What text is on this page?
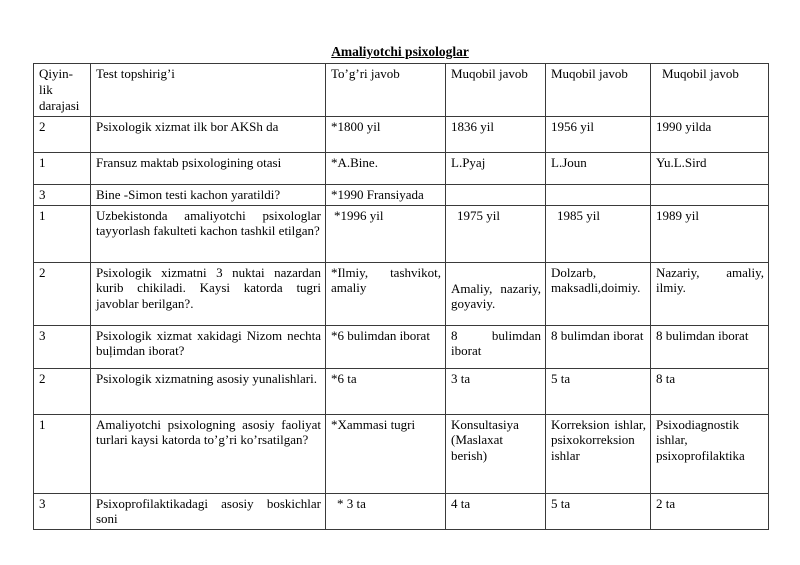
Amaliyotchi psixologlar
Qiyin-lik darajasi	Test topshirig’i	To’g’ri javob	Muqobil javob	Muqobil javob	Muqobil javob
2	Psixologik xizmat ilk bor AKSh da	*1800 yil	1836 yil	1956 yil	1990 yilda
1	Fransuz maktab psixologining otasi	*A.Bine.	L.Pyaj	L.Joun	Yu.L.Sird
3	Bine -Simon testi kachon yaratildi?	*1990 Fransiyada			
1	Uzbekistonda amaliyotchi psixologlar tayyorlash fakulteti kachon tashkil etilgan?	*1996 yil	1975 yil	1985 yil	1989 yil
2	Psixologik xizmatni 3 nuktai nazardan kurib chikiladi. Kaysi katorda tugri javoblar berilgan?.	*Ilmiy, tashvikot, amaliy	Amaliy, nazariy, goyaviy.	Dolzarb, maksadli,doimiy.	Nazariy, amaliy, ilmiy.
3	Psixologik xizmat xakidagi Nizom nechta buļimdan iborat?	*6 bulimdan iborat	8 bulimdan iborat	8 bulimdan iborat	8 bulimdan iborat
2	Psixologik xizmatning asosiy yunalishlari.	*6 ta	3 ta	5 ta	8 ta
1	Amaliyotchi psixologning asosiy faoliyat turlari kaysi katorda to’g’ri ko’rsatilgan?	*Xammasi tugri	Konsultasiya (Maslaxat berish)	Korreksion ishlar, psixokorreksion ishlar	Psixodiagnostik ishlar, psixoprofilaktika
3	Psixoprofilaktikadagi asosiy boskichlar soni	* 3 ta	4 ta	5 ta	2 ta
